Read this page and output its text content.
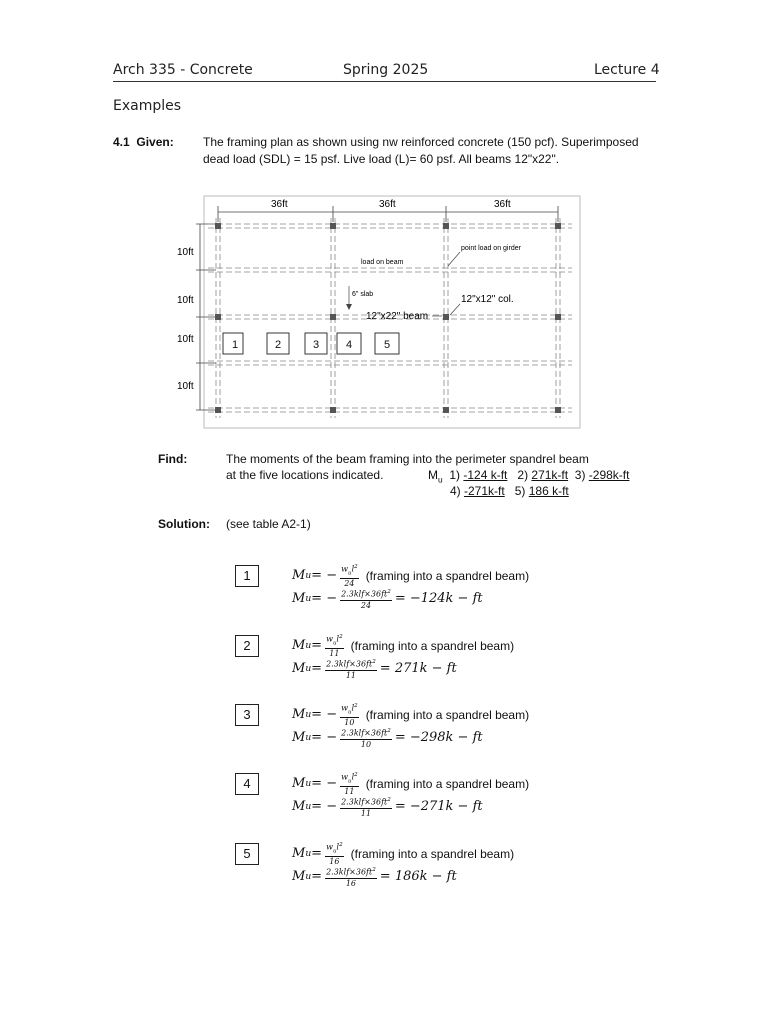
Arch 335 - Concrete	Spring 2025	Lecture 4
Examples
4.1 Given: The framing plan as shown using nw reinforced concrete (150 pcf). Superimposed
dead load (SDL) = 15 psf. Live load (L)= 60 psf. All beams 12"x22".
36ft	36ft	36ft
10ft
10ft
10ft
10ft
load on beam
point load on girder
6" slab
12"x22" beam
12"x12" col.
1	2	3 4	5
Find:	The moments of the beam framing into the perimeter spandrel beam
at the five locations indicated.	$M_u$ 1) -124 k-ft 2) 271k-ft 3) -298k-ft
4) -271k-ft 5) 186 k-ft
Solution: (see table A2-1)
1	M u = − $\frac{w_ul^2}{24} (framing$ into a spandrel beam)
M u = − $\frac{2.3klf\times 36ft^2}{24} = -124k$ − ft
2	M $u = \frac{w_ul^2}{11} (framing$ into a spandrel beam)
M $u = \frac{2.3klf\times 36ft^2}{11} = 271k$ − ft
3	M u = − $\frac{w_ul^2}{10} (framing$ into a spandrel beam)
M u = − $\frac{2.3klf\times 36ft^2}{10} = -298k$ − ft
4	M u = − $\frac{w_ul^2}{11} (framing$ into a spandrel beam)
M u = − $\frac{2.3klf\times 36ft^2}{11} = -271k$ − ft
5	M $u = \frac{w_ul^2}{16} (framing$ into a spandrel beam)
M $u = \frac{2.3klf\times 36ft^2}{16} = 186k$ − ft
